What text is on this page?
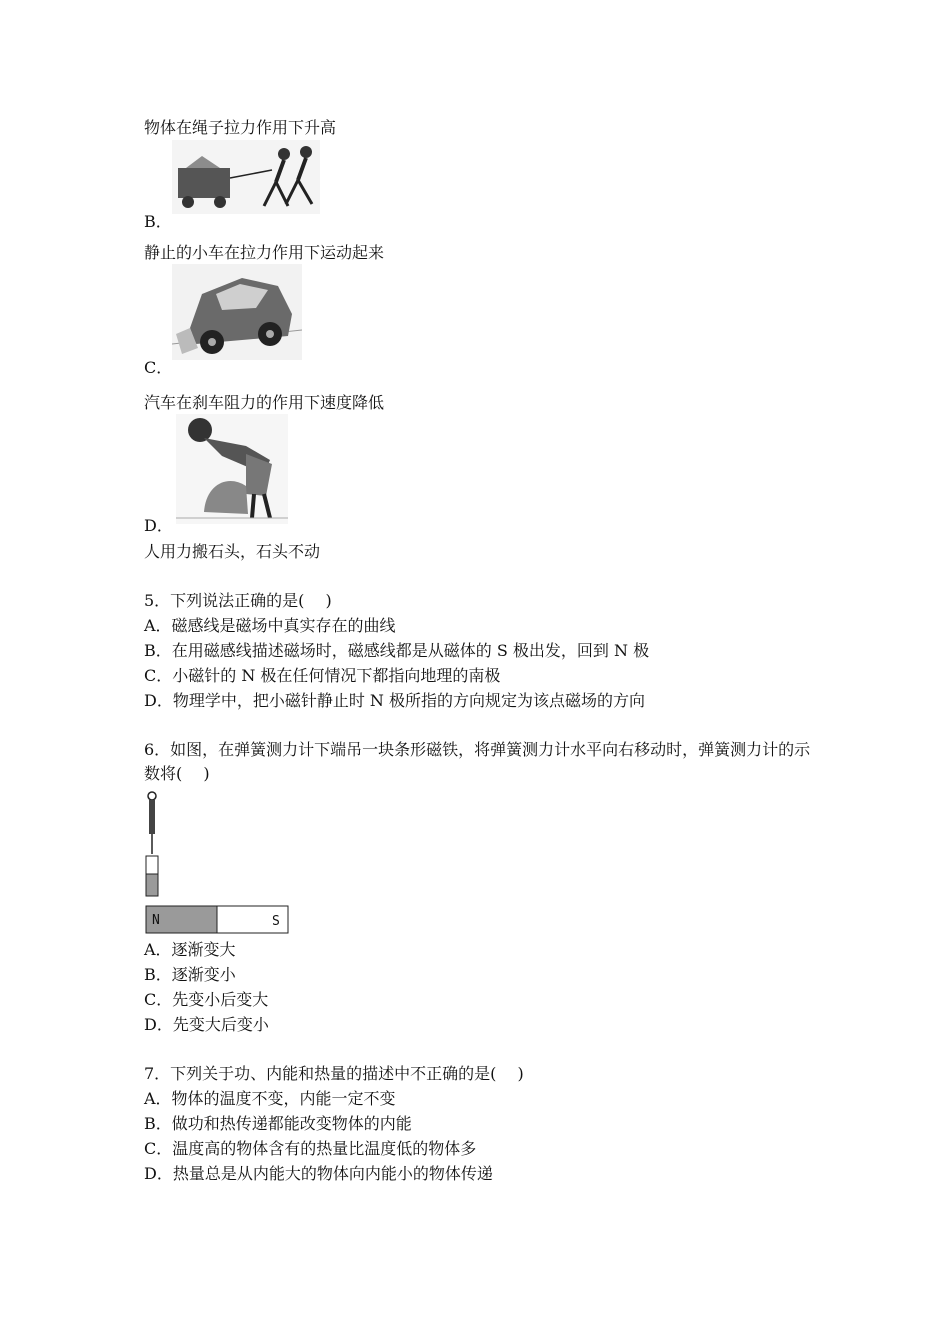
物体在绳子拉力作用下升高
B．
静止的小车在拉力作用下运动起来
C．
汽车在刹车阻力的作用下速度降低
D．
人用力搬石头，石头不动
5．下列说法正确的是(　 )
A．磁感线是磁场中真实存在的曲线
B．在用磁感线描述磁场时，磁感线都是从磁体的 S 极出发，回到 N 极
C．小磁针的 N 极在任何情况下都指向地理的南极
D．物理学中，把小磁针静止时 N 极所指的方向规定为该点磁场的方向
6．如图，在弹簧测力计下端吊一块条形磁铁，将弹簧测力计水平向右移动时，弹簧测力计的示数将(　 )
N	S
A．逐渐变大
B．逐渐变小
C．先变小后变大
D．先变大后变小
7．下列关于功、内能和热量的描述中不正确的是(　 )
A．物体的温度不变，内能一定不变
B．做功和热传递都能改变物体的内能
C．温度高的物体含有的热量比温度低的物体多
D．热量总是从内能大的物体向内能小的物体传递
